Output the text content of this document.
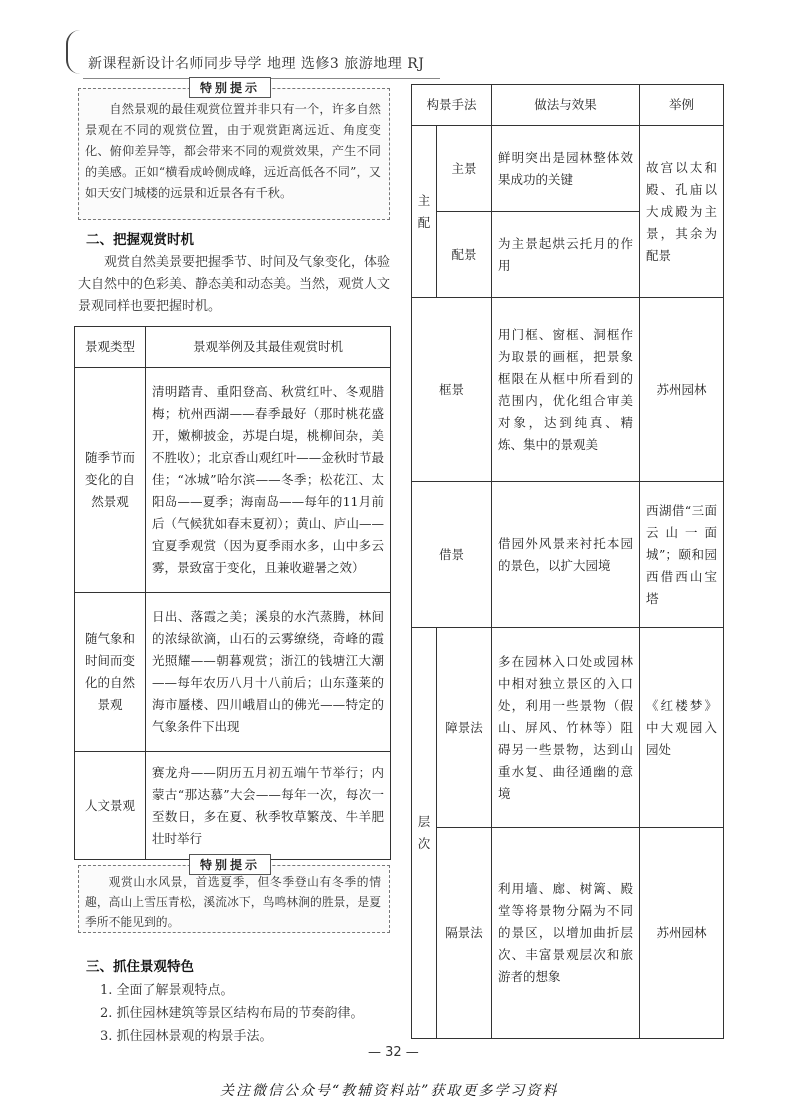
新课程新设计名师同步导学 地理 选修3 旅游地理 RJ
特别提示
自然景观的最佳观赏位置并非只有一个，许多自然景观在不同的观赏位置，由于观赏距离远近、角度变化、俯仰差异等，都会带来不同的观赏效果，产生不同的美感。正如“横看成岭侧成峰，远近高低各不同”，又如天安门城楼的远景和近景各有千秋。
二、把握观赏时机
观赏自然美景要把握季节、时间及气象变化，体验大自然中的色彩美、静态美和动态美。当然，观赏人文景观同样也要把握时机。
景观类型	景观举例及其最佳观赏时机
随季节而变化的自然景观	清明踏青、重阳登高、秋赏红叶、冬观腊梅；杭州西湖——春季最好（那时桃花盛开，嫩柳披金，苏堤白堤，桃柳间杂，美不胜收）；北京香山观红叶——金秋时节最佳；“冰城”哈尔滨——冬季；松花江、太阳岛——夏季；海南岛——每年的11月前后（气候犹如春末夏初）；黄山、庐山——宜夏季观赏（因为夏季雨水多，山中多云雾，景致富于变化，且兼收避暑之效）
随气象和时间而变化的自然景观	日出、落霞之美；溪泉的水汽蒸腾，林间的浓绿欲滴，山石的云雾缭绕，奇峰的霞光照耀——朝暮观赏；浙江的钱塘江大潮——每年农历八月十八前后；山东蓬莱的海市蜃楼、四川峨眉山的佛光——特定的气象条件下出现
人文景观	赛龙舟——阴历五月初五端午节举行；内蒙古“那达慕”大会——每年一次，每次一至数日，多在夏、秋季牧草繁茂、牛羊肥壮时举行
特别提示
观赏山水风景，首选夏季，但冬季登山有冬季的情趣，高山上雪压青松，溪流冰下，鸟鸣林涧的胜景，是夏季所不能见到的。
三、抓住景观特色
1. 全面了解景观特点。
2. 抓住园林建筑等景区结构布局的节奏韵律。
3. 抓住园林景观的构景手法。
构景手法		做法与效果	举例
主配	主景	鲜明突出是园林整体效果成功的关键	故宫以太和殿、孔庙以大成殿为主景，其余为配景
	配景	为主景起烘云托月的作用	
框景		用门框、窗框、洞框作为取景的画框，把景象框限在从框中所看到的范围内，优化组合审美对象，达到纯真、精炼、集中的景观美	苏州园林
借景		借园外风景来衬托本园的景色，以扩大园境	西湖借“三面云山一面城”；颐和园西借西山宝塔
层次	障景法	多在园林入口处或园林中相对独立景区的入口处，利用一些景物（假山、屏风、竹林等）阻碍另一些景物，达到山重水复、曲径通幽的意境	《红楼梦》中大观园入园处
	隔景法	利用墙、廊、树篱、殿堂等将景物分隔为不同的景区，以增加曲折层次、丰富景观层次和旅游者的想象	苏州园林
— 32 —
关注微信公众号“教辅资料站”获取更多学习资料
